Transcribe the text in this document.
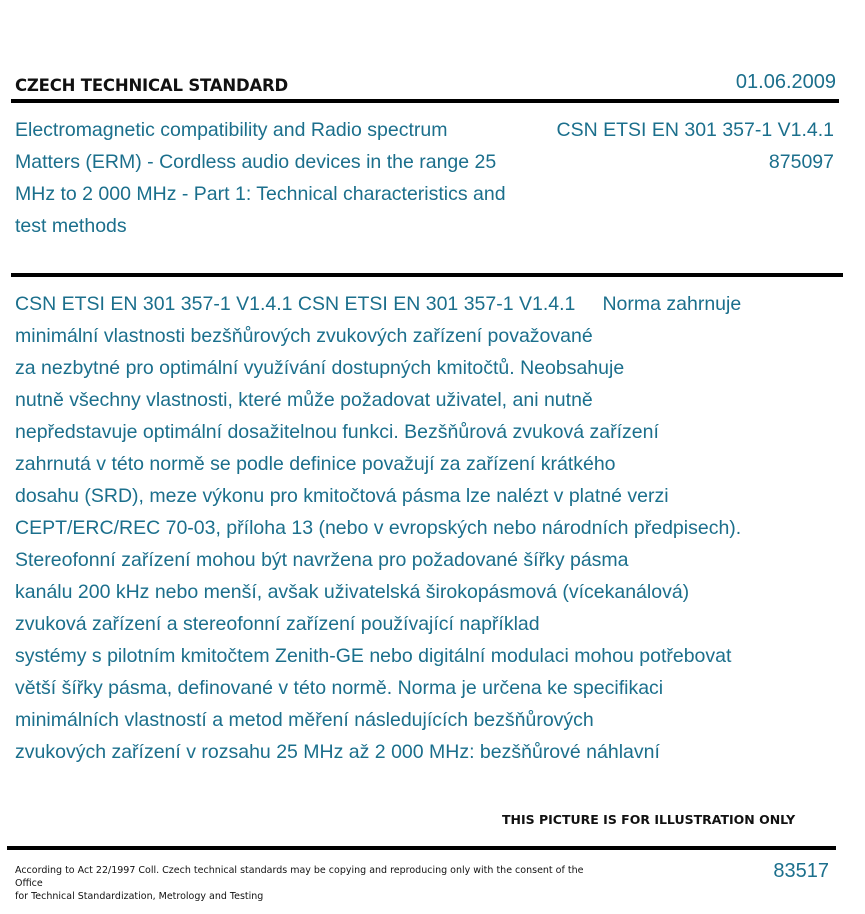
CZECH TECHNICAL STANDARD	01.06.2009
Electromagnetic compatibility and Radio spectrum Matters (ERM) - Cordless audio devices in the range 25 MHz to 2 000 MHz - Part 1: Technical characteristics and test methods
CSN ETSI EN 301 357-1 V1.4.1
875097
CSN ETSI EN 301 357-1 V1.4.1 CSN ETSI EN 301 357-1 V1.4.1     Norma zahrnuje
minimální vlastnosti bezšňůrových zvukových zařízení považované
za nezbytné pro optimální využívání dostupných kmitočtů. Neobsahuje
nutně všechny vlastnosti, které může požadovat uživatel, ani nutně
nepředstavuje optimální dosažitelnou funkci. Bezšňůrová zvuková zařízení
zahrnutá v této normě se podle definice považují za zařízení krátkého
dosahu (SRD), meze výkonu pro kmitočtová pásma lze nalézt v platné verzi
CEPT/ERC/REC 70-03, příloha 13 (nebo v evropských nebo národních předpisech).
Stereofonní zařízení mohou být navržena pro požadované šířky pásma
kanálu 200 kHz nebo menší, avšak uživatelská širokopásmová (vícekanálová)
zvuková zařízení a stereofonní zařízení používající například
systémy s pilotním kmitočtem Zenith-GE nebo digitální modulaci mohou potřebovat
větší šířky pásma, definované v této normě. Norma je určena ke specifikaci
minimálních vlastností a metod měření následujících bezšňůrových
zvukových zařízení v rozsahu 25 MHz až 2 000 MHz: bezšňůrové náhlavní
THIS PICTURE IS FOR ILLUSTRATION ONLY
According to Act 22/1997 Coll. Czech technical standards may be copying and reproducing only with the consent of the Office
for Technical Standardization, Metrology and Testing
83517
